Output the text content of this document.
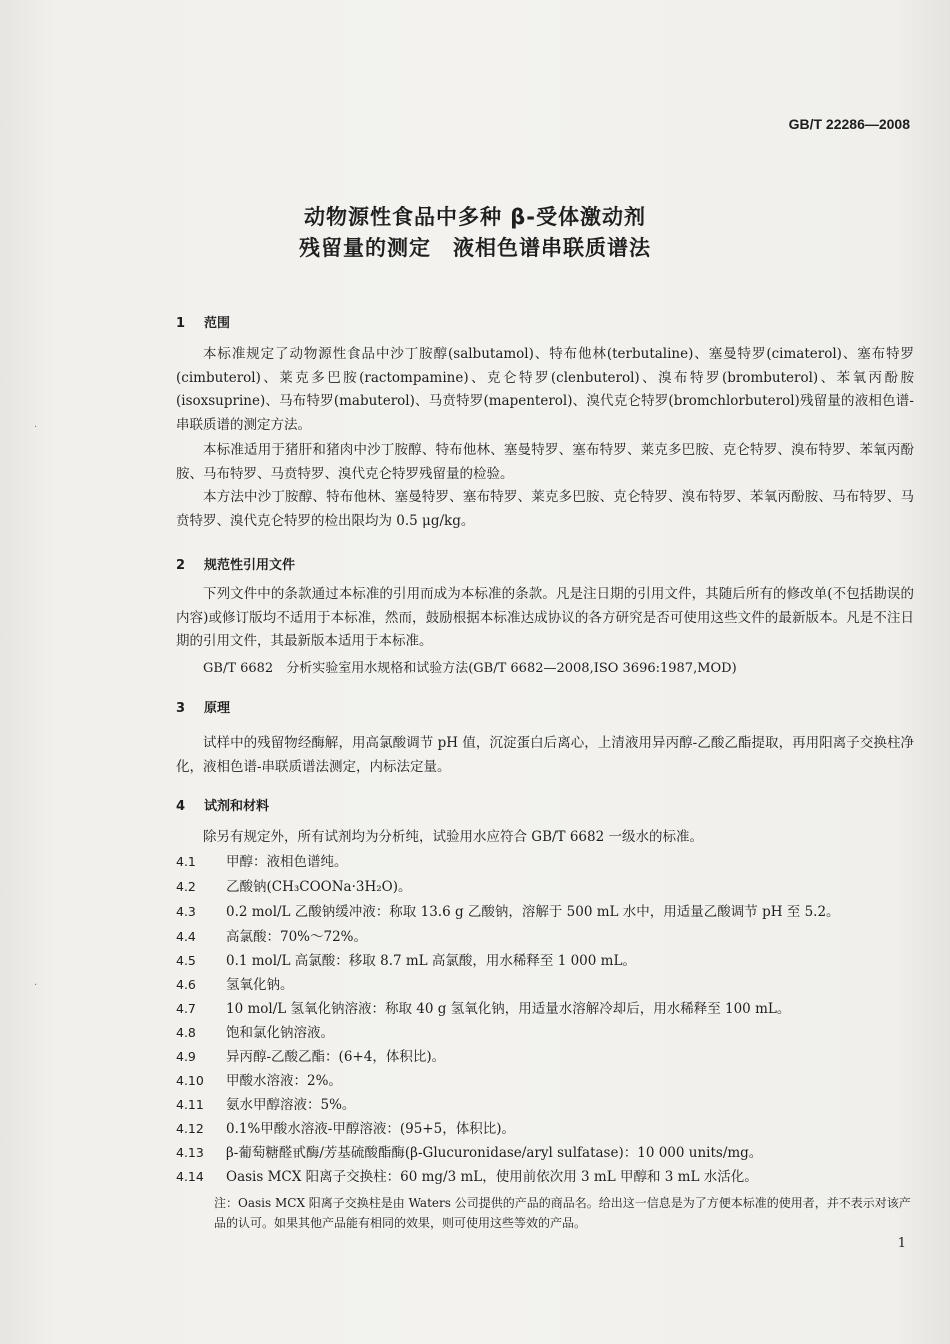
GB/T 22286—2008
动物源性食品中多种 β-受体激动剂
残留量的测定　液相色谱串联质谱法
1 范围
本标准规定了动物源性食品中沙丁胺醇(salbutamol)、特布他林(terbutaline)、塞曼特罗(cimaterol)、塞布特罗(cimbuterol)、莱克多巴胺(ractompamine)、克仑特罗(clenbuterol)、溴布特罗(brombuterol)、苯氧丙酚胺(isoxsuprine)、马布特罗(mabuterol)、马贲特罗(mapenterol)、溴代克仑特罗(bromchlorbuterol)残留量的液相色谱-串联质谱的测定方法。
本标准适用于猪肝和猪肉中沙丁胺醇、特布他林、塞曼特罗、塞布特罗、莱克多巴胺、克仑特罗、溴布特罗、苯氧丙酚胺、马布特罗、马贲特罗、溴代克仑特罗残留量的检验。
本方法中沙丁胺醇、特布他林、塞曼特罗、塞布特罗、莱克多巴胺、克仑特罗、溴布特罗、苯氧丙酚胺、马布特罗、马贲特罗、溴代克仑特罗的检出限均为 0.5 μg/kg。
2 规范性引用文件
下列文件中的条款通过本标准的引用而成为本标准的条款。凡是注日期的引用文件，其随后所有的修改单(不包括勘误的内容)或修订版均不适用于本标准，然而，鼓励根据本标准达成协议的各方研究是否可使用这些文件的最新版本。凡是不注日期的引用文件，其最新版本适用于本标准。
GB/T 6682　分析实验室用水规格和试验方法(GB/T 6682—2008,ISO 3696:1987,MOD)
3 原理
试样中的残留物经酶解，用高氯酸调节 pH 值，沉淀蛋白后离心，上清液用异丙醇-乙酸乙酯提取，再用阳离子交换柱净化，液相色谱-串联质谱法测定，内标法定量。
4 试剂和材料
除另有规定外，所有试剂均为分析纯，试验用水应符合 GB/T 6682 一级水的标准。
4.1 甲醇：液相色谱纯。
4.2 乙酸钠(CH₃COONa·3H₂O)。
4.3 0.2 mol/L 乙酸钠缓冲液：称取 13.6 g 乙酸钠，溶解于 500 mL 水中，用适量乙酸调节 pH 至 5.2。
4.4 高氯酸：70%～72%。
4.5 0.1 mol/L 高氯酸：移取 8.7 mL 高氯酸，用水稀释至 1 000 mL。
4.6 氢氧化钠。
4.7 10 mol/L 氢氧化钠溶液：称取 40 g 氢氧化钠，用适量水溶解冷却后，用水稀释至 100 mL。
4.8 饱和氯化钠溶液。
4.9 异丙醇-乙酸乙酯：(6+4，体积比)。
4.10 甲酸水溶液：2%。
4.11 氨水甲醇溶液：5%。
4.12 0.1%甲酸水溶液-甲醇溶液：(95+5，体积比)。
4.13 β-葡萄糖醛甙酶/芳基硫酸酯酶(β-Glucuronidase/aryl sulfatase)：10 000 units/mg。
4.14 Oasis MCX 阳离子交换柱：60 mg/3 mL，使用前依次用 3 mL 甲醇和 3 mL 水活化。
注：Oasis MCX 阳离子交换柱是由 Waters 公司提供的产品的商品名。给出这一信息是为了方便本标准的使用者，并不表示对该产品的认可。如果其他产品能有相同的效果，则可使用这些等效的产品。
1
·
·
